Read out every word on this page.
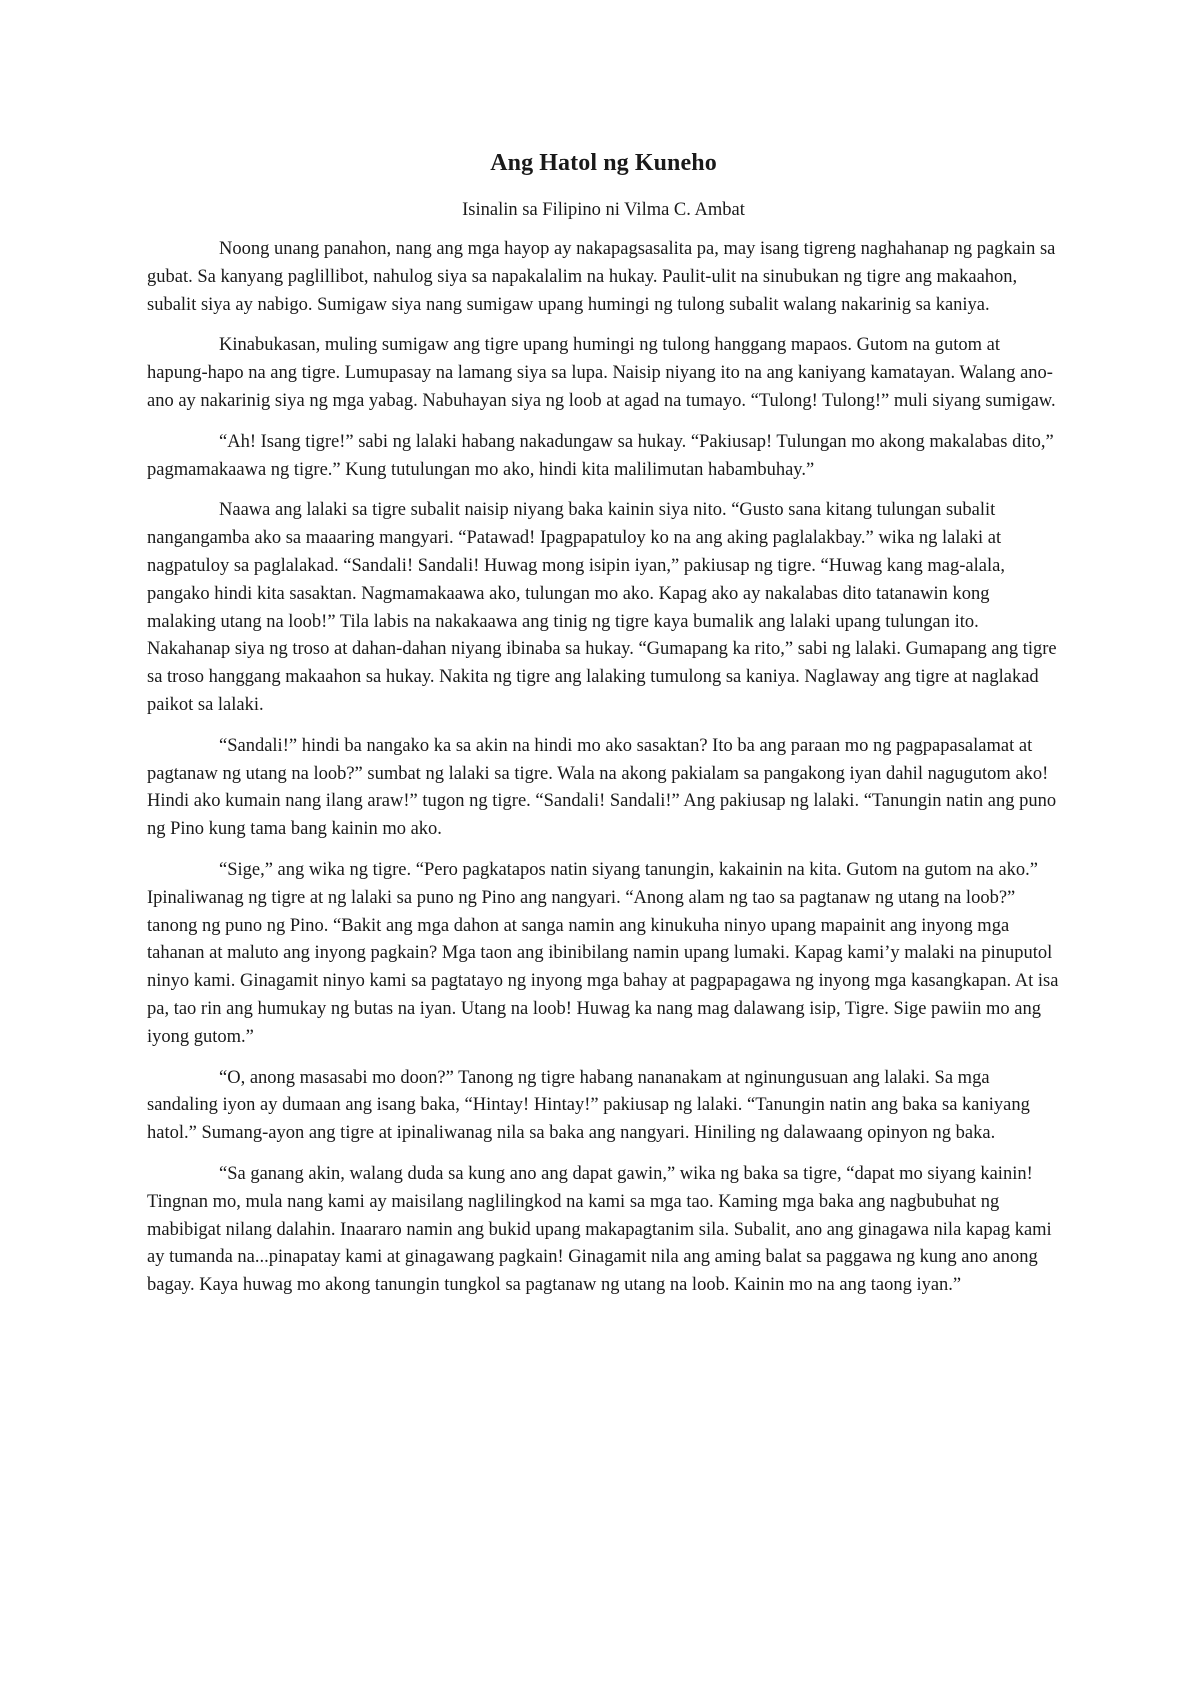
Ang Hatol ng Kuneho
Isinalin sa Filipino ni Vilma C. Ambat

Noong unang panahon, nang ang mga hayop ay nakapagsasalita pa, may isang tigreng naghahanap ng pagkain sa gubat. Sa kanyang paglillibot, nahulog siya sa napakalalim na hukay. Paulit-ulit na sinubukan ng tigre ang makaahon, subalit siya ay nabigo. Sumigaw siya nang sumigaw upang humingi ng tulong subalit walang nakarinig sa kaniya.

Kinabukasan, muling sumigaw ang tigre upang humingi ng tulong hanggang mapaos. Gutom na gutom at hapung-hapo na ang tigre. Lumupasay na lamang siya sa lupa. Naisip niyang ito na ang kaniyang kamatayan. Walang ano-ano ay nakarinig siya ng mga yabag. Nabuhayan siya ng loob at agad na tumayo. “Tulong! Tulong!” muli siyang sumigaw.

“Ah! Isang tigre!” sabi ng lalaki habang nakadungaw sa hukay. “Pakiusap! Tulungan mo akong makalabas dito,” pagmamakaawa ng tigre.” Kung tutulungan mo ako, hindi kita malilimutan habambuhay.”

Naawa ang lalaki sa tigre subalit naisip niyang baka kainin siya nito. “Gusto sana kitang tulungan subalit nangangamba ako sa maaaring mangyari. “Patawad! Ipagpapatuloy ko na ang aking paglalakbay.” wika ng lalaki at nagpatuloy sa paglalakad. “Sandali! Sandali! Huwag mong isipin iyan,” pakiusap ng tigre. “Huwag kang mag-alala, pangako hindi kita sasaktan. Nagmamakaawa ako, tulungan mo ako. Kapag ako ay nakalabas dito tatanawin kong malaking utang na loob!” Tila labis na nakakaawa ang tinig ng tigre kaya bumalik ang lalaki upang tulungan ito. Nakahanap siya ng troso at dahan-dahan niyang ibinaba sa hukay. “Gumapang ka rito,” sabi ng lalaki. Gumapang ang tigre sa troso hanggang makaahon sa hukay. Nakita ng tigre ang lalaking tumulong sa kaniya. Naglaway ang tigre at naglakad paikot sa lalaki.

“Sandali!” hindi ba nangako ka sa akin na hindi mo ako sasaktan? Ito ba ang paraan mo ng pagpapasalamat at pagtanaw ng utang na loob?” sumbat ng lalaki sa tigre. Wala na akong pakialam sa pangakong iyan dahil nagugutom ako! Hindi ako kumain nang ilang araw!” tugon ng tigre. “Sandali! Sandali!” Ang pakiusap ng lalaki. “Tanungin natin ang puno ng Pino kung tama bang kainin mo ako.

“Sige,” ang wika ng tigre. “Pero pagkatapos natin siyang tanungin, kakainin na kita. Gutom na gutom na ako.” Ipinaliwanag ng tigre at ng lalaki sa puno ng Pino ang nangyari. “Anong alam ng tao sa pagtanaw ng utang na loob?” tanong ng puno ng Pino. “Bakit ang mga dahon at sanga namin ang kinukuha ninyo upang mapainit ang inyong mga tahanan at maluto ang inyong pagkain? Mga taon ang ibinibilang namin upang lumaki. Kapag kami’y malaki na pinuputol ninyo kami. Ginagamit ninyo kami sa pagtatayo ng inyong mga bahay at pagpapagawa ng inyong mga kasangkapan. At isa pa, tao rin ang humukay ng butas na iyan. Utang na loob! Huwag ka nang mag dalawang isip, Tigre. Sige pawiin mo ang iyong gutom.”

“O, anong masasabi mo doon?” Tanong ng tigre habang nananakam at nginungusuan ang lalaki. Sa mga sandaling iyon ay dumaan ang isang baka, “Hintay! Hintay!” pakiusap ng lalaki. “Tanungin natin ang baka sa kaniyang hatol.” Sumang-ayon ang tigre at ipinaliwanag nila sa baka ang nangyari. Hiniling ng dalawaang opinyon ng baka.

“Sa ganang akin, walang duda sa kung ano ang dapat gawin,” wika ng baka sa tigre, “dapat mo siyang kainin! Tingnan mo, mula nang kami ay maisilang naglilingkod na kami sa mga tao. Kaming mga baka ang nagbubuhat ng mabibigat nilang dalahin. Inaararo namin ang bukid upang makapagtanim sila. Subalit, ano ang ginagawa nila kapag kami ay tumanda na...pinapatay kami at ginagawang pagkain! Ginagamit nila ang aming balat sa paggawa ng kung ano anong bagay. Kaya huwag mo akong tanungin tungkol sa pagtanaw ng utang na loob. Kainin mo na ang taong iyan.”
